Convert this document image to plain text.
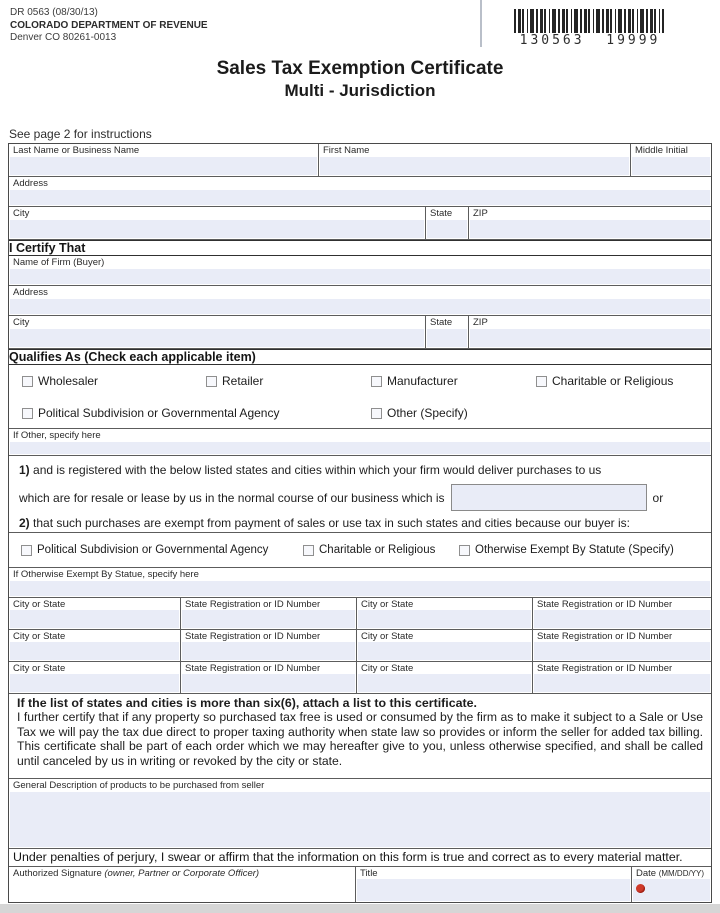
DR 0563 (08/30/13)
COLORADO DEPARTMENT OF REVENUE
Denver CO 80261-0013	130563  19999
Sales Tax Exemption Certificate
Multi - Jurisdiction
See page 2 for instructions
Last Name or Business Name	First Name	Middle Initial
Address
City	State	ZIP
I Certify That
Name of Firm (Buyer)
Address
City	State	ZIP
Qualifies As (Check each applicable item)
Wholesaler	Retailer	Manufacturer	Charitable or Religious
Political Subdivision or Governmental Agency	Other (Specify)
If Other, specify here
1) and is registered with the below listed states and cities within which your firm would deliver purchases to us
which are for resale or lease by us in the normal course of our business which is	or
2) that such purchases are exempt from payment of sales or use tax in such states and cities because our buyer is:
Political Subdivision or Governmental Agency	Charitable or Religious	Otherwise Exempt By Statute (Specify)
If Otherwise Exempt By Statue, specify here
City or State	State Registration or ID Number	City or State	State Registration or ID Number
City or State	State Registration or ID Number	City or State	State Registration or ID Number
City or State	State Registration or ID Number	City or State	State Registration or ID Number
If the list of states and cities is more than six(6), attach a list to this certificate.

I further certify that if any property so purchased tax free is used or consumed by the firm as to make it subject to a Sale or Use Tax we will pay the tax due direct to proper taxing authority when state law so provides or inform the seller for added tax billing. This certificate shall be part of each order which we may hereafter give to you, unless otherwise specified, and shall be called until canceled by us in writing or revoked by the city or state.

General Description of products to be purchased from seller
Under penalties of perjury, I swear or affirm that the information on this form is true and correct as to every material matter.
Authorized Signature (owner, Partner or Corporate Officer)	Title	Date (MM/DD/YY)
